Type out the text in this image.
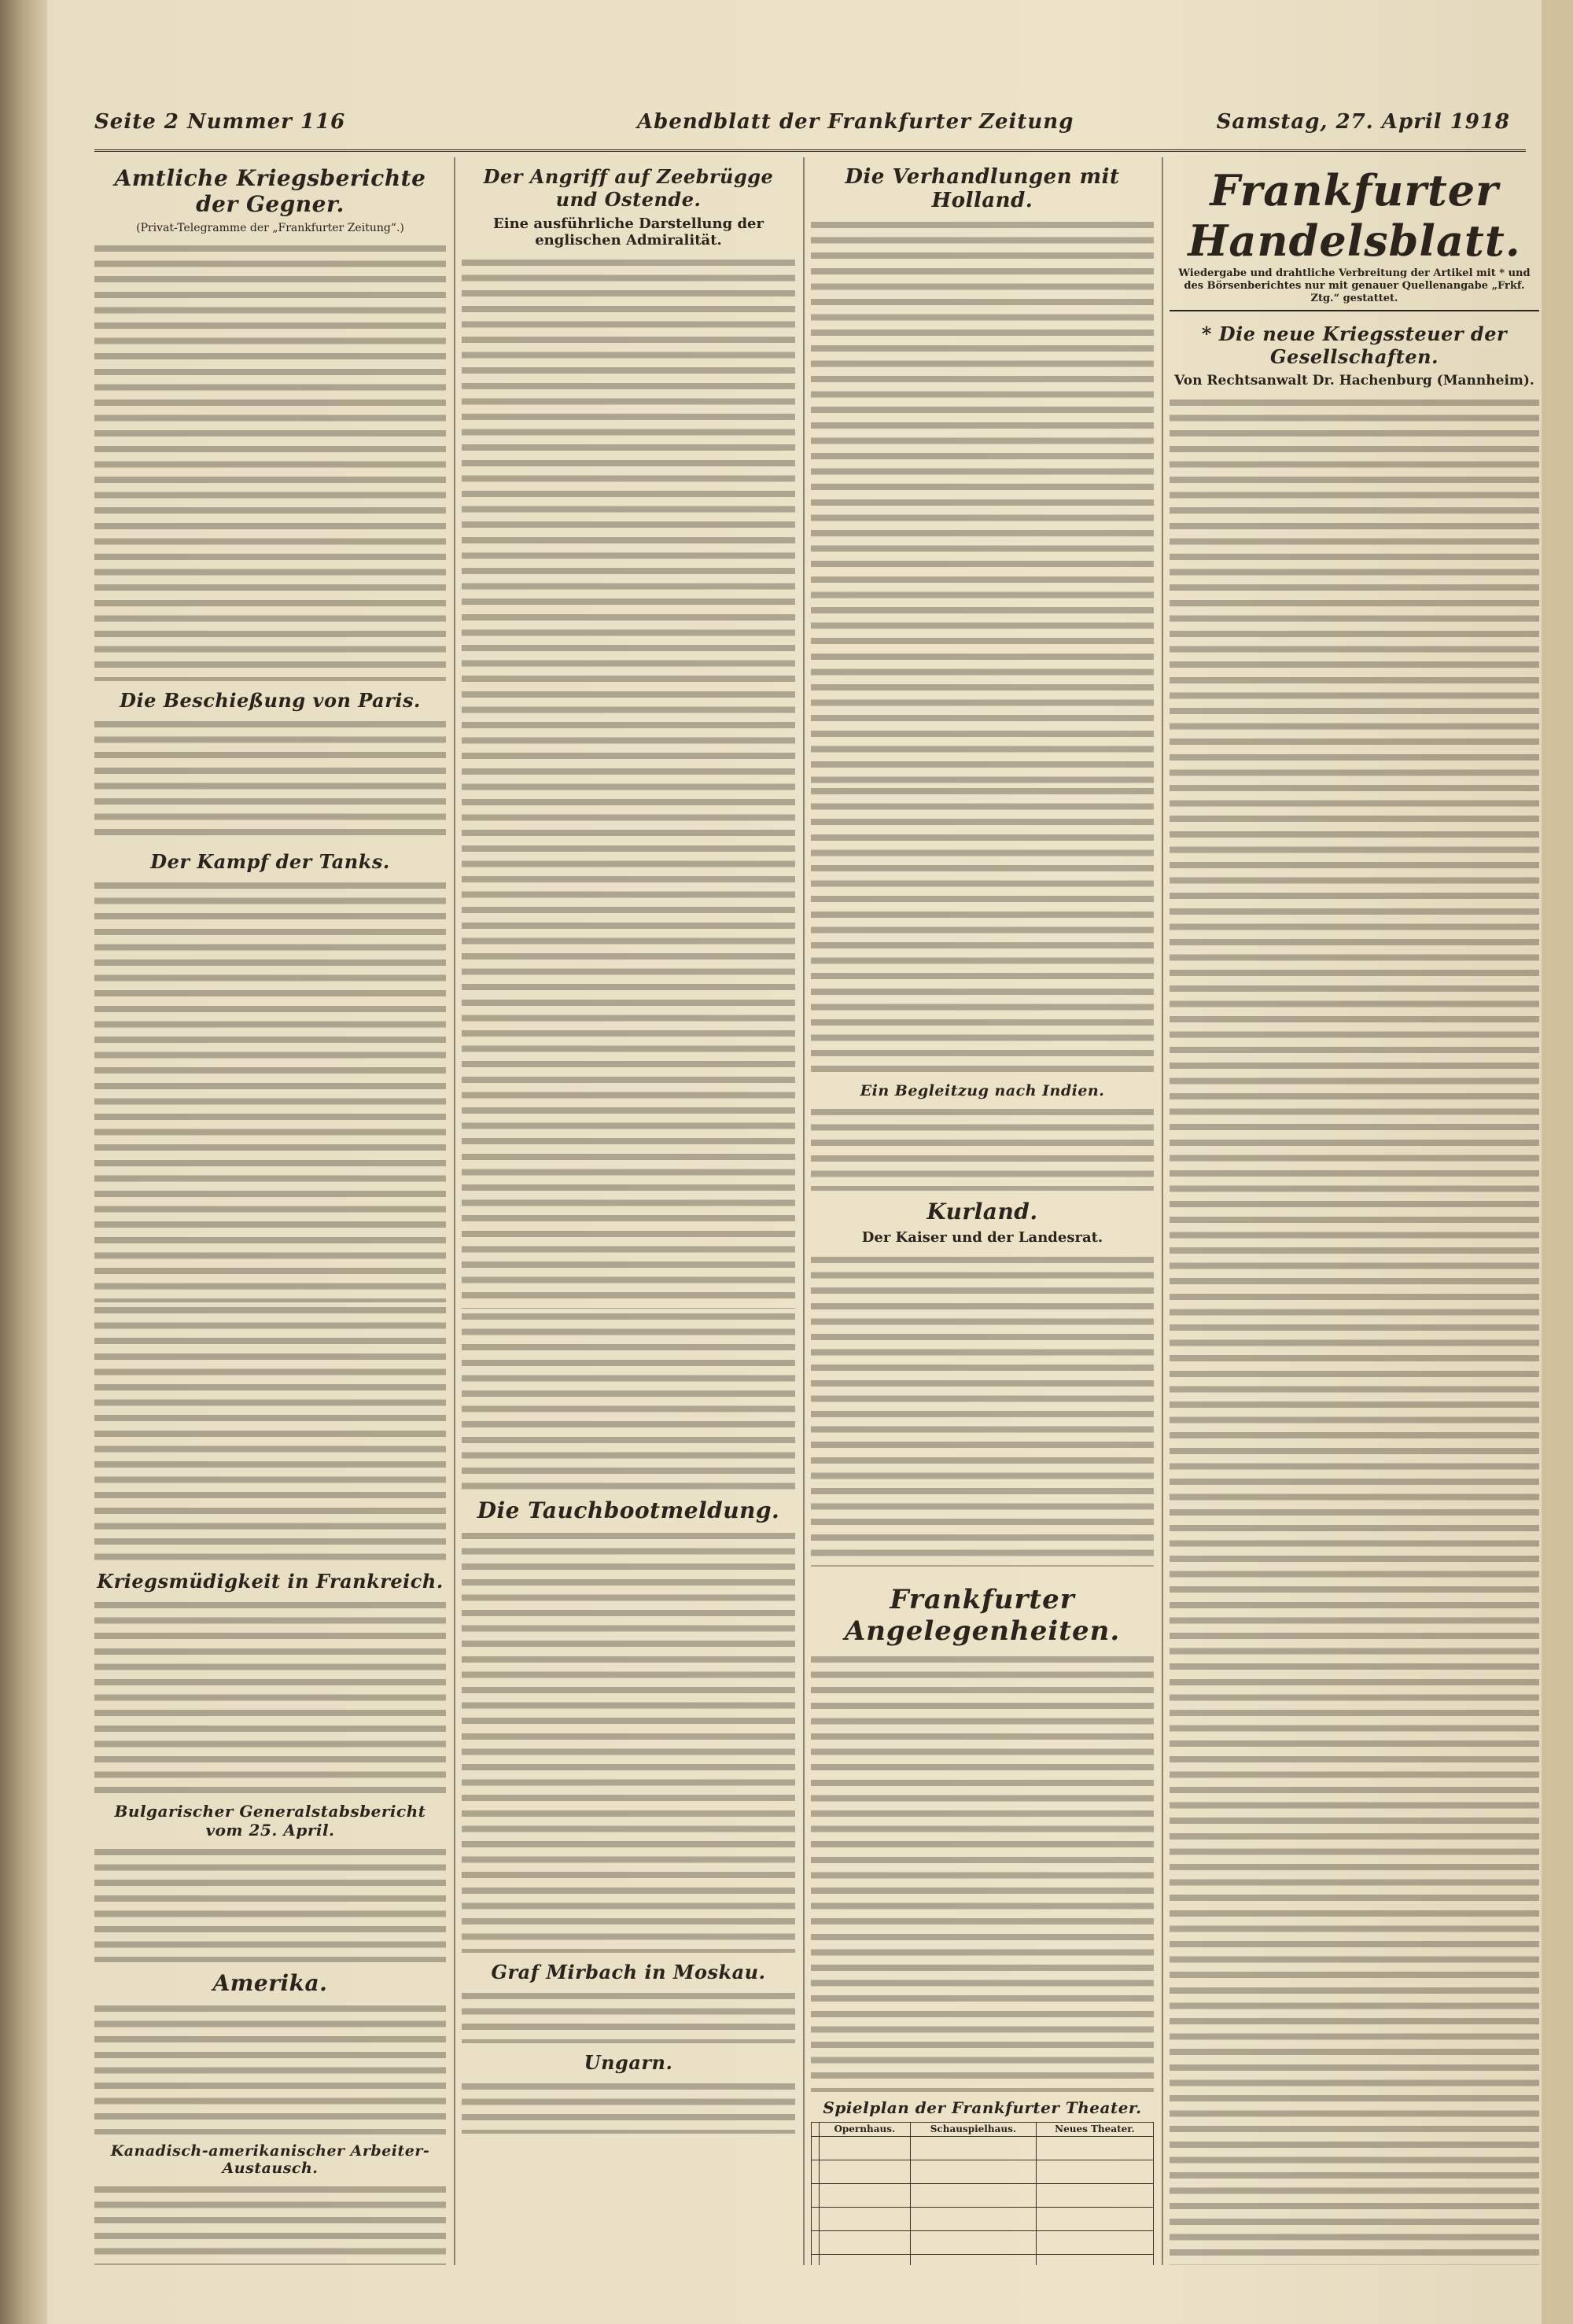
Seite 2 Nummer 116	Abendblatt der Frankfurter Zeitung	Samstag, 27. April 1918
Amtliche Kriegsberichte der Gegner.
(Privat-Telegramme der „Frankfurter Zeitung“.)
Die Beschießung von Paris.
Der Kampf der Tanks.
Kriegsmüdigkeit in Frankreich.
Bulgarischer Generalstabsbericht vom 25. April.
Amerika.
Kanadisch-amerikanischer Arbeiter-Austausch.
Der Angriff auf Zeebrügge und Ostende.
Eine ausführliche Darstellung der englischen Admiralität.
Die Tauchbootmeldung.
Graf Mirbach in Moskau.
Ungarn.
Die Verhandlungen mit Holland.
Ein Begleitzug nach Indien.
Kurland.
Der Kaiser und der Landesrat.
Frankfurter Angelegenheiten.
Spielplan der Frankfurter Theater.
	Opernhaus.	Schauspielhaus.	Neues Theater.

Frankfurter Handelsblatt.
Wiedergabe und drahtliche Verbreitung der Artikel mit * und des Börsenberichtes nur mit genauer Quellenangabe „Frkf. Ztg.“ gestattet.
* Die neue Kriegssteuer der Gesellschaften.
Von Rechtsanwalt Dr. Hachenburg (Mannheim).
